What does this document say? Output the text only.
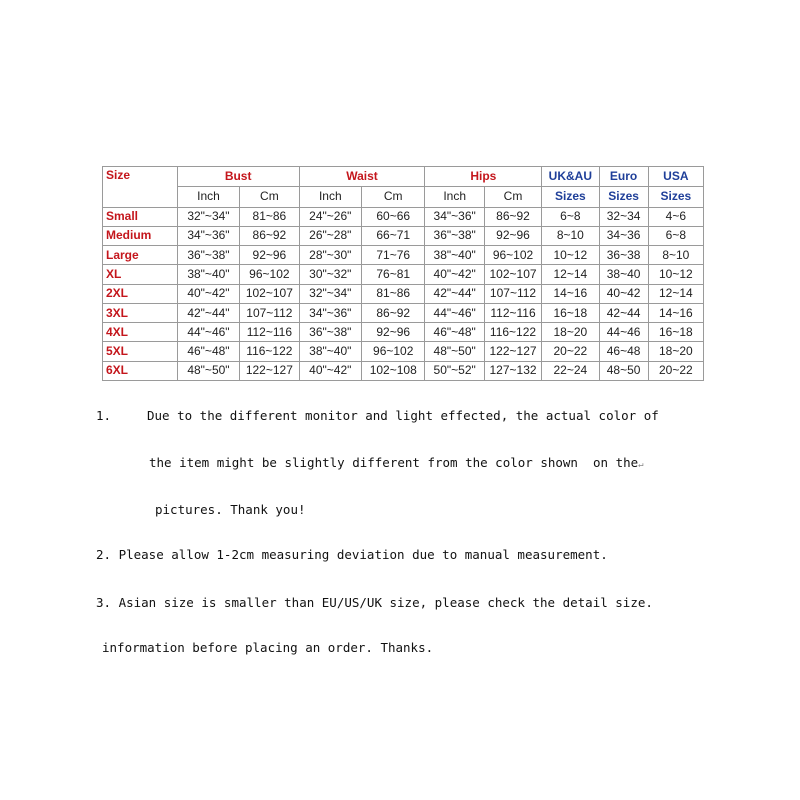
Size	Bust		Waist		Hips		UK&AU	Euro	USA
	Inch	Cm	Inch	Cm	Inch	Cm	Sizes	Sizes	Sizes
Small	32"~34"	81~86	24"~26"	60~66	34"~36"	86~92	6~8	32~34	4~6
Medium	34"~36"	86~92	26"~28"	66~71	36"~38"	92~96	8~10	34~36	6~8
Large	36"~38"	92~96	28"~30"	71~76	38"~40"	96~102	10~12	36~38	8~10
XL	38"~40"	96~102	30"~32"	76~81	40"~42"	102~107	12~14	38~40	10~12
2XL	40"~42"	102~107	32"~34"	81~86	42"~44"	107~112	14~16	40~42	12~14
3XL	42"~44"	107~112	34"~36"	86~92	44"~46"	112~116	16~18	42~44	14~16
4XL	44"~46"	112~116	36"~38"	92~96	46"~48"	116~122	18~20	44~46	16~18
5XL	46"~48"	116~122	38"~40"	96~102	48"~50"	122~127	20~22	46~48	18~20
6XL	48"~50"	122~127	40"~42"	102~108	50"~52"	127~132	22~24	48~50	20~22
1.	Due to the different monitor and light effected, the actual color of
the item might be slightly different from the color shown  on the↵
pictures. Thank you!
2. Please allow 1-2cm measuring deviation due to manual measurement.
3. Asian size is smaller than EU/US/UK size, please check the detail size.
information before placing an order. Thanks.
